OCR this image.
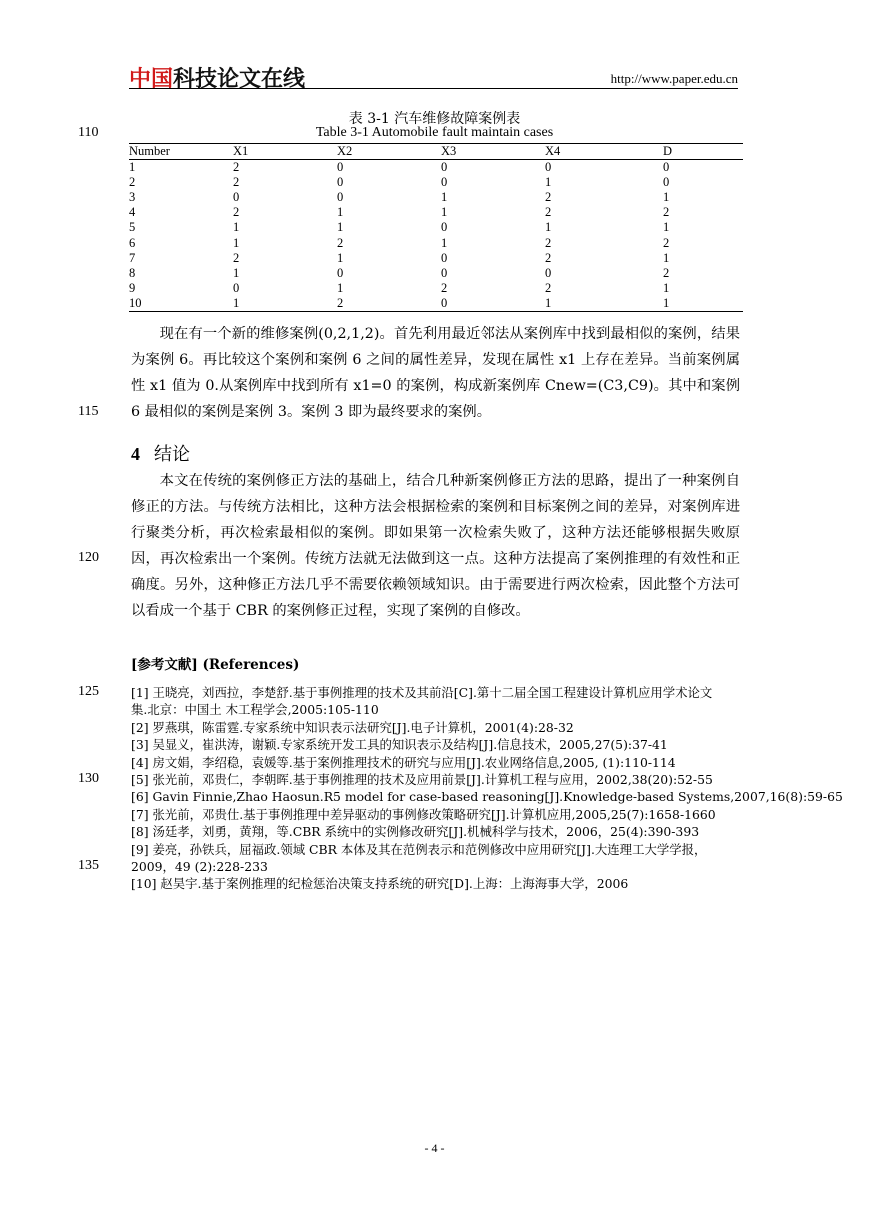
中国科技论文在线	http://www.paper.edu.cn
110
115
120
125
130
135
表 3-1 汽车维修故障案例表
Table 3-1 Automobile fault maintain cases
Number	X1	X2	X3	X4	D
1	2	0	0	0	0
2	2	0	0	1	0
3	0	0	1	2	1
4	2	1	1	2	2
5	1	1	0	1	1
6	1	2	1	2	2
7	2	1	0	2	1
8	1	0	0	0	2
9	0	1	2	2	1
10	1	2	0	1	1

现在有一个新的维修案例(0,2,1,2)。首先利用最近邻法从案例库中找到最相似的案例，结果为案例 6。再比较这个案例和案例 6 之间的属性差异，发现在属性 x1 上存在差异。当前案例属性 x1 值为 0.从案例库中找到所有 x1=0 的案例，构成新案例库 Cnew=(C3,C9)。其中和案例 6 最相似的案例是案例 3。案例 3 即为最终要求的案例。

4 结论

本文在传统的案例修正方法的基础上，结合几种新案例修正方法的思路，提出了一种案例自修正的方法。与传统方法相比，这种方法会根据检索的案例和目标案例之间的差异，对案例库进行聚类分析，再次检索最相似的案例。即如果第一次检索失败了，这种方法还能够根据失败原因，再次检索出一个案例。传统方法就无法做到这一点。这种方法提高了案例推理的有效性和正确度。另外，这种修正方法几乎不需要依赖领域知识。由于需要进行两次检索，因此整个方法可以看成一个基于 CBR 的案例修正过程，实现了案例的自修改。

[参考文献] (References)
[1] 王晓亮，刘西拉，李楚舒.基于事例推理的技术及其前沿[C].第十二届全国工程建设计算机应用学术论文
集.北京：中国土 木工程学会,2005:105-110
[2] 罗燕琪，陈雷霆.专家系统中知识表示法研究[J].电子计算机，2001(4):28-32
[3] 吴显义，崔洪涛，谢颖.专家系统开发工具的知识表示及结构[J].信息技术，2005,27(5):37-41
[4] 房文娟，李绍稳，袁媛等.基于案例推理技术的研究与应用[J].农业网络信息,2005, (1):110-114
[5] 张光前，邓贵仁，李朝晖.基于事例推理的技术及应用前景[J].计算机工程与应用，2002,38(20):52-55
[6] Gavin Finnie,Zhao Haosun.R5 model for case-based reasoning[J].Knowledge-based Systems,2007,16(8):59-65
[7] 张光前，邓贵仕.基于事例推理中差异驱动的事例修改策略研究[J].计算机应用,2005,25(7):1658-1660
[8] 汤廷孝，刘勇，黄翔，等.CBR 系统中的实例修改研究[J].机械科学与技术，2006，25(4):390-393
[9] 姜亮，孙铁兵，屈福政.领域 CBR 本体及其在范例表示和范例修改中应用研究[J].大连理工大学学报，
2009，49 (2):228-233
[10] 赵昊宇.基于案例推理的纪检惩治决策支持系统的研究[D].上海：上海海事大学，2006
- 4 -
